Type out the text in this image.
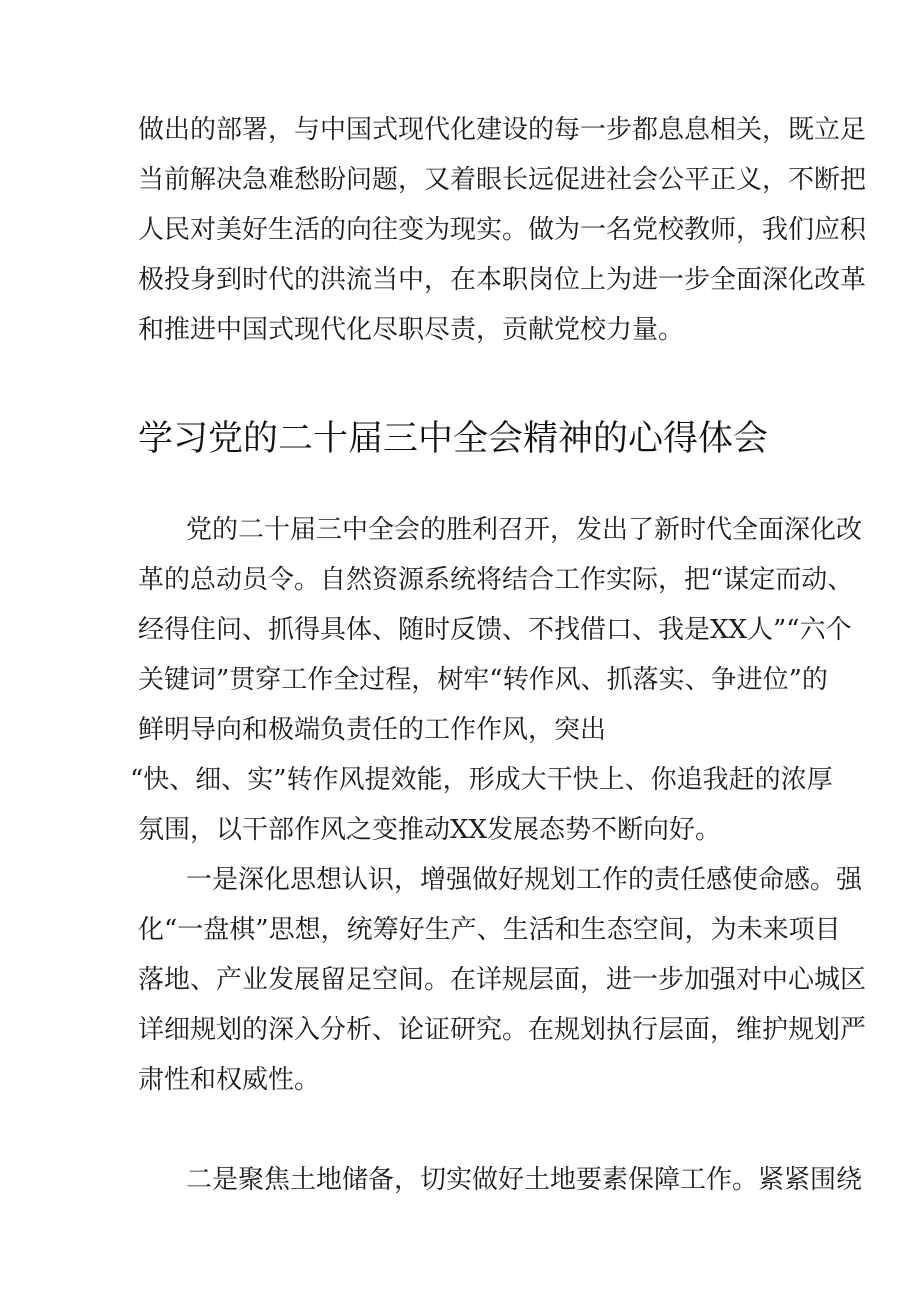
做出的部署，与中国式现代化建设的每一步都息息相关，既立足
当前解决急难愁盼问题，又着眼长远促进社会公平正义，不断把
人民对美好生活的向往变为现实。做为一名党校教师，我们应积
极投身到时代的洪流当中，在本职岗位上为进一步全面深化改革
和推进中国式现代化尽职尽责，贡献党校力量。
学习党的二十届三中全会精神的心得体会
党的二十届三中全会的胜利召开，发出了新时代全面深化改
革的总动员令。自然资源系统将结合工作实际，把“谋定而动、
经得住问、抓得具体、随时反馈、不找借口、我是XX人”“六个
关键词”贯穿工作全过程，树牢“转作风、抓落实、争进位”的
鲜明导向和极端负责任的工作作风，突出
“快、细、实”转作风提效能，形成大干快上、你追我赶的浓厚
氛围，以干部作风之变推动XX发展态势不断向好。
一是深化思想认识，增强做好规划工作的责任感使命感。强
化“一盘棋”思想，统筹好生产、生活和生态空间，为未来项目
落地、产业发展留足空间。在详规层面，进一步加强对中心城区
详细规划的深入分析、论证研究。在规划执行层面，维护规划严
肃性和权威性。
二是聚焦土地储备，切实做好土地要素保障工作。紧紧围绕
